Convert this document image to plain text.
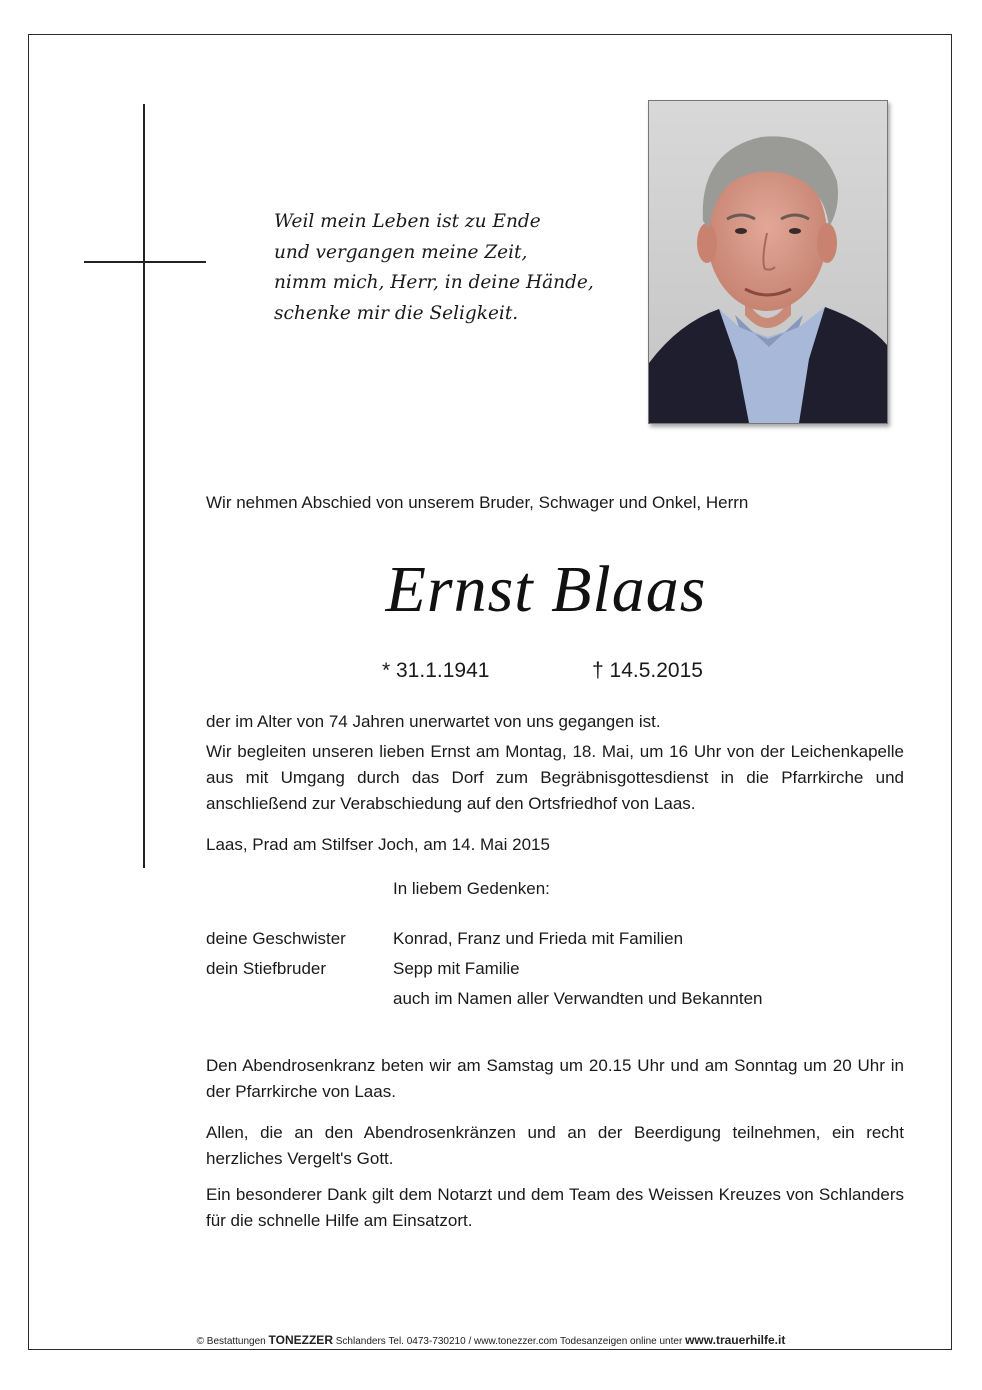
Weil mein Leben ist zu Ende
und vergangen meine Zeit,
nimm mich, Herr, in deine Hände,
schenke mir die Seligkeit.
Wir nehmen Abschied von unserem Bruder, Schwager und Onkel, Herrn
Ernst Blaas
* 31.1.1941	† 14.5.2015
der im Alter von 74 Jahren unerwartet von uns gegangen ist.
Wir begleiten unseren lieben Ernst am Montag, 18. Mai, um 16 Uhr von der Leichenkapelle aus mit Umgang durch das Dorf zum Begräbnisgottesdienst in die Pfarrkirche und anschließend zur Verabschiedung auf den Ortsfriedhof von Laas.
Laas, Prad am Stilfser Joch, am 14. Mai 2015
In liebem Gedenken:
deine Geschwister	Konrad, Franz und Frieda mit Familien
dein Stiefbruder	Sepp mit Familie
auch im Namen aller Verwandten und Bekannten
Den Abendrosenkranz beten wir am Samstag um 20.15 Uhr und am Sonntag um 20 Uhr in der Pfarrkirche von Laas.
Allen, die an den Abendrosenkränzen und an der Beerdigung teilnehmen, ein recht herzliches Vergelt's Gott.
Ein besonderer Dank gilt dem Notarzt und dem Team des Weissen Kreuzes von Schlanders für die schnelle Hilfe am Einsatzort.
© Bestattungen TONEZZER Schlanders Tel. 0473-730210 / www.tonezzer.com Todesanzeigen online unter www.trauerhilfe.it
